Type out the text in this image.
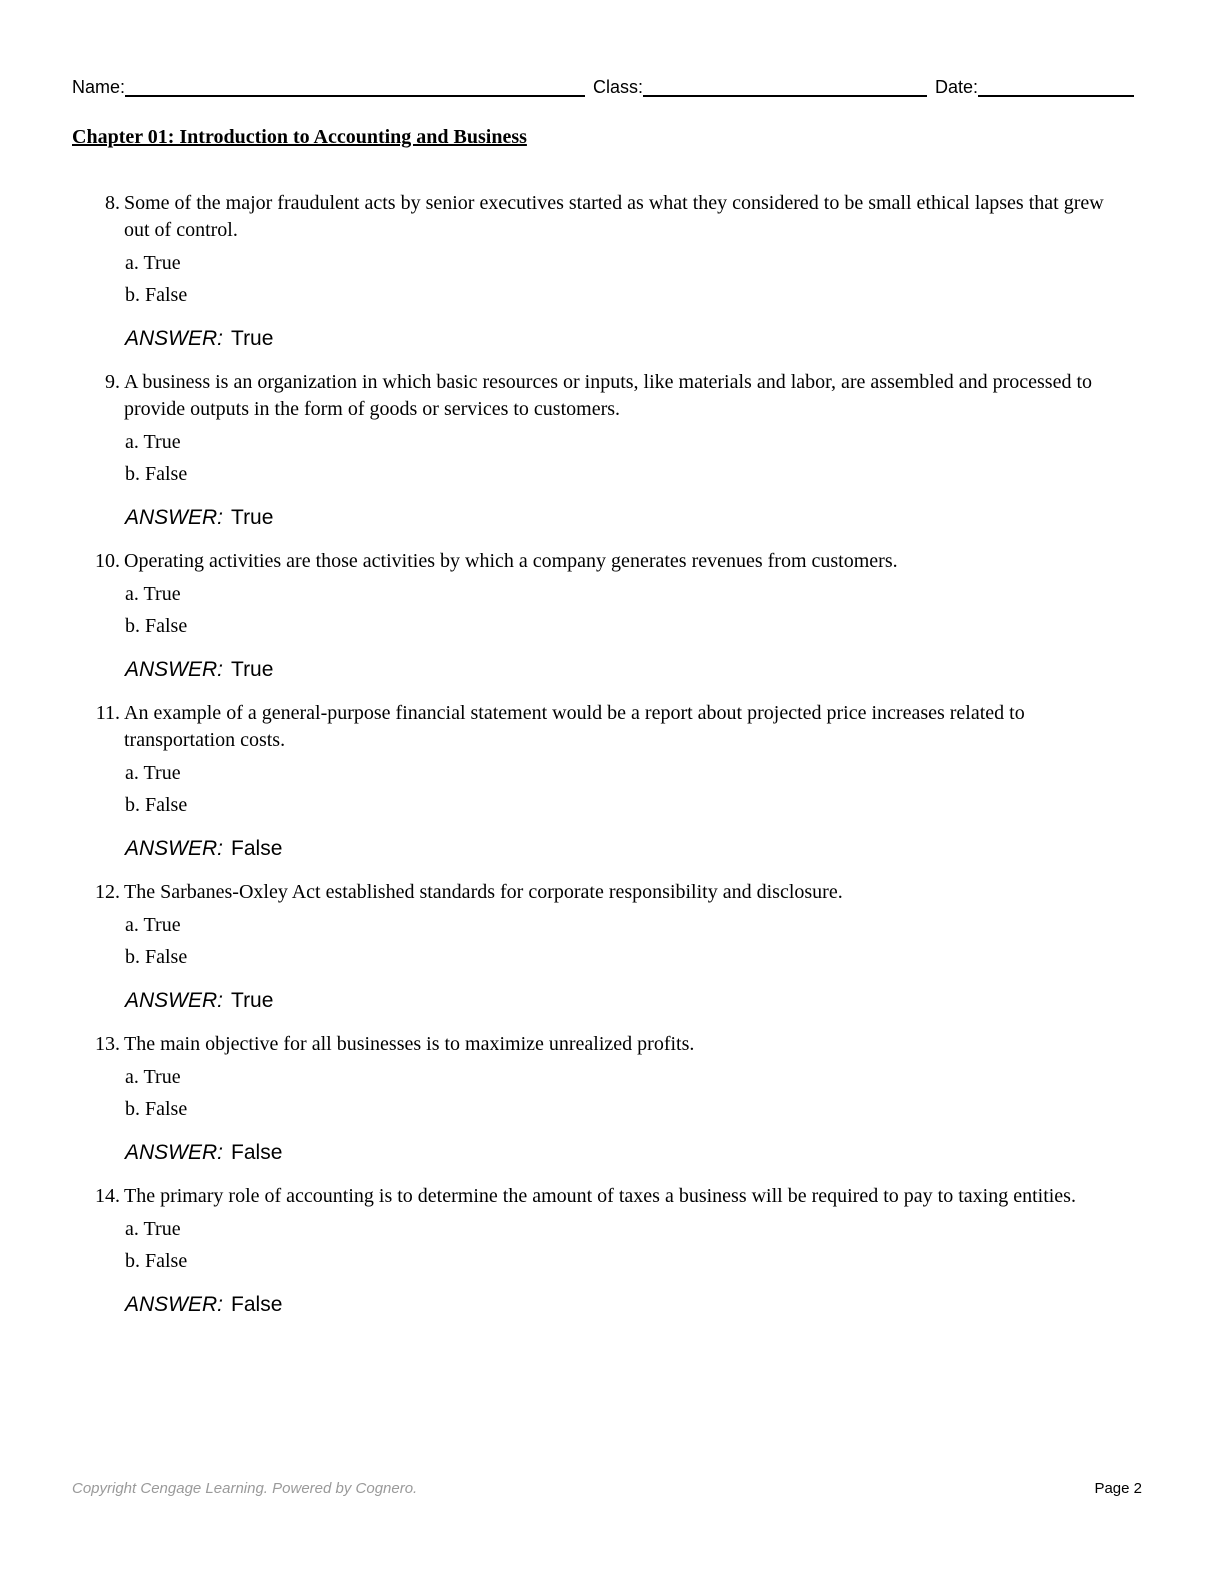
Name:	Class:	Date:
Chapter 01: Introduction to Accounting and Business
8. Some of the major fraudulent acts by senior executives started as what they considered to be small ethical lapses that grew out of control.
a. True
b. False
ANSWER: True
9. A business is an organization in which basic resources or inputs, like materials and labor, are assembled and processed to provide outputs in the form of goods or services to customers.
a. True
b. False
ANSWER: True
10. Operating activities are those activities by which a company generates revenues from customers.
a. True
b. False
ANSWER: True
11. An example of a general-purpose financial statement would be a report about projected price increases related to transportation costs.
a. True
b. False
ANSWER: False
12. The Sarbanes-Oxley Act established standards for corporate responsibility and disclosure.
a. True
b. False
ANSWER: True
13. The main objective for all businesses is to maximize unrealized profits.
a. True
b. False
ANSWER: False
14. The primary role of accounting is to determine the amount of taxes a business will be required to pay to taxing entities.
a. True
b. False
ANSWER: False
Copyright Cengage Learning. Powered by Cognero.	Page 2
